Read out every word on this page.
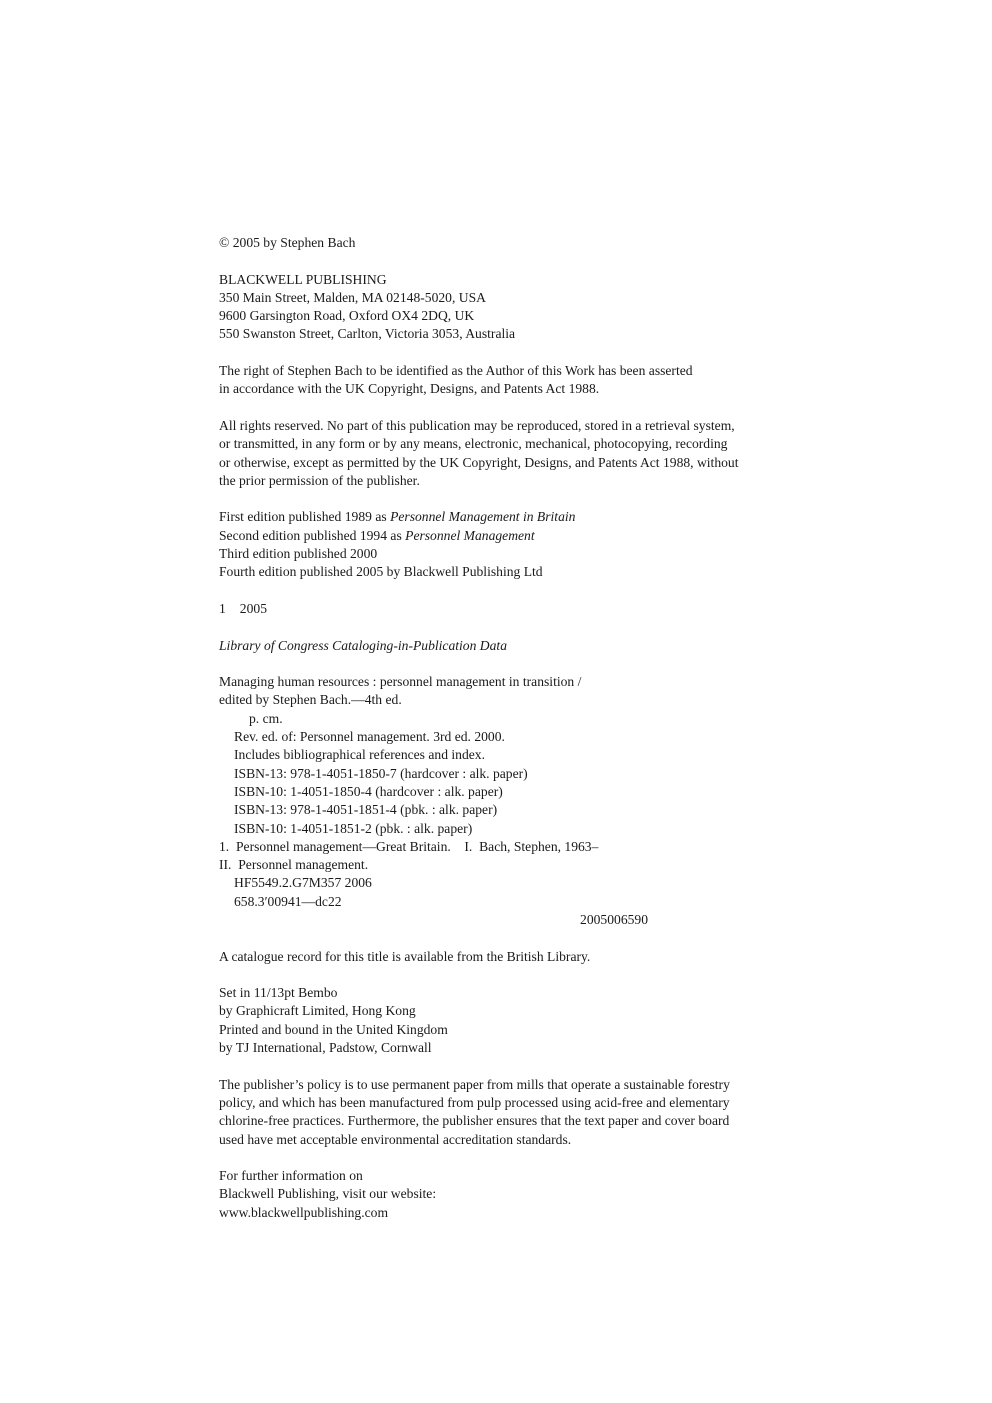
© 2005 by Stephen Bach
BLACKWELL PUBLISHING
350 Main Street, Malden, MA 02148-5020, USA
9600 Garsington Road, Oxford OX4 2DQ, UK
550 Swanston Street, Carlton, Victoria 3053, Australia
The right of Stephen Bach to be identified as the Author of this Work has been asserted
in accordance with the UK Copyright, Designs, and Patents Act 1988.
All rights reserved. No part of this publication may be reproduced, stored in a retrieval system,
or transmitted, in any form or by any means, electronic, mechanical, photocopying, recording
or otherwise, except as permitted by the UK Copyright, Designs, and Patents Act 1988, without
the prior permission of the publisher.
First edition published 1989 as Personnel Management in Britain
Second edition published 1994 as Personnel Management
Third edition published 2000
Fourth edition published 2005 by Blackwell Publishing Ltd
1 2005
Library of Congress Cataloging-in-Publication Data
Managing human resources : personnel management in transition /
edited by Stephen Bach.—4th ed.
p. cm.
Rev. ed. of: Personnel management. 3rd ed. 2000.
Includes bibliographical references and index.
ISBN-13: 978-1-4051-1850-7 (hardcover : alk. paper)
ISBN-10: 1-4051-1850-4 (hardcover : alk. paper)
ISBN-13: 978-1-4051-1851-4 (pbk. : alk. paper)
ISBN-10: 1-4051-1851-2 (pbk. : alk. paper)
1.  Personnel management—Great Britain.    I.  Bach, Stephen, 1963–
II.  Personnel management.
HF5549.2.G7M357 2006
658.3′00941—dc22
2005006590
A catalogue record for this title is available from the British Library.
Set in 11/13pt Bembo
by Graphicraft Limited, Hong Kong
Printed and bound in the United Kingdom
by TJ International, Padstow, Cornwall
The publisher’s policy is to use permanent paper from mills that operate a sustainable forestry
policy, and which has been manufactured from pulp processed using acid-free and elementary
chlorine-free practices. Furthermore, the publisher ensures that the text paper and cover board
used have met acceptable environmental accreditation standards.
For further information on
Blackwell Publishing, visit our website:
www.blackwellpublishing.com
